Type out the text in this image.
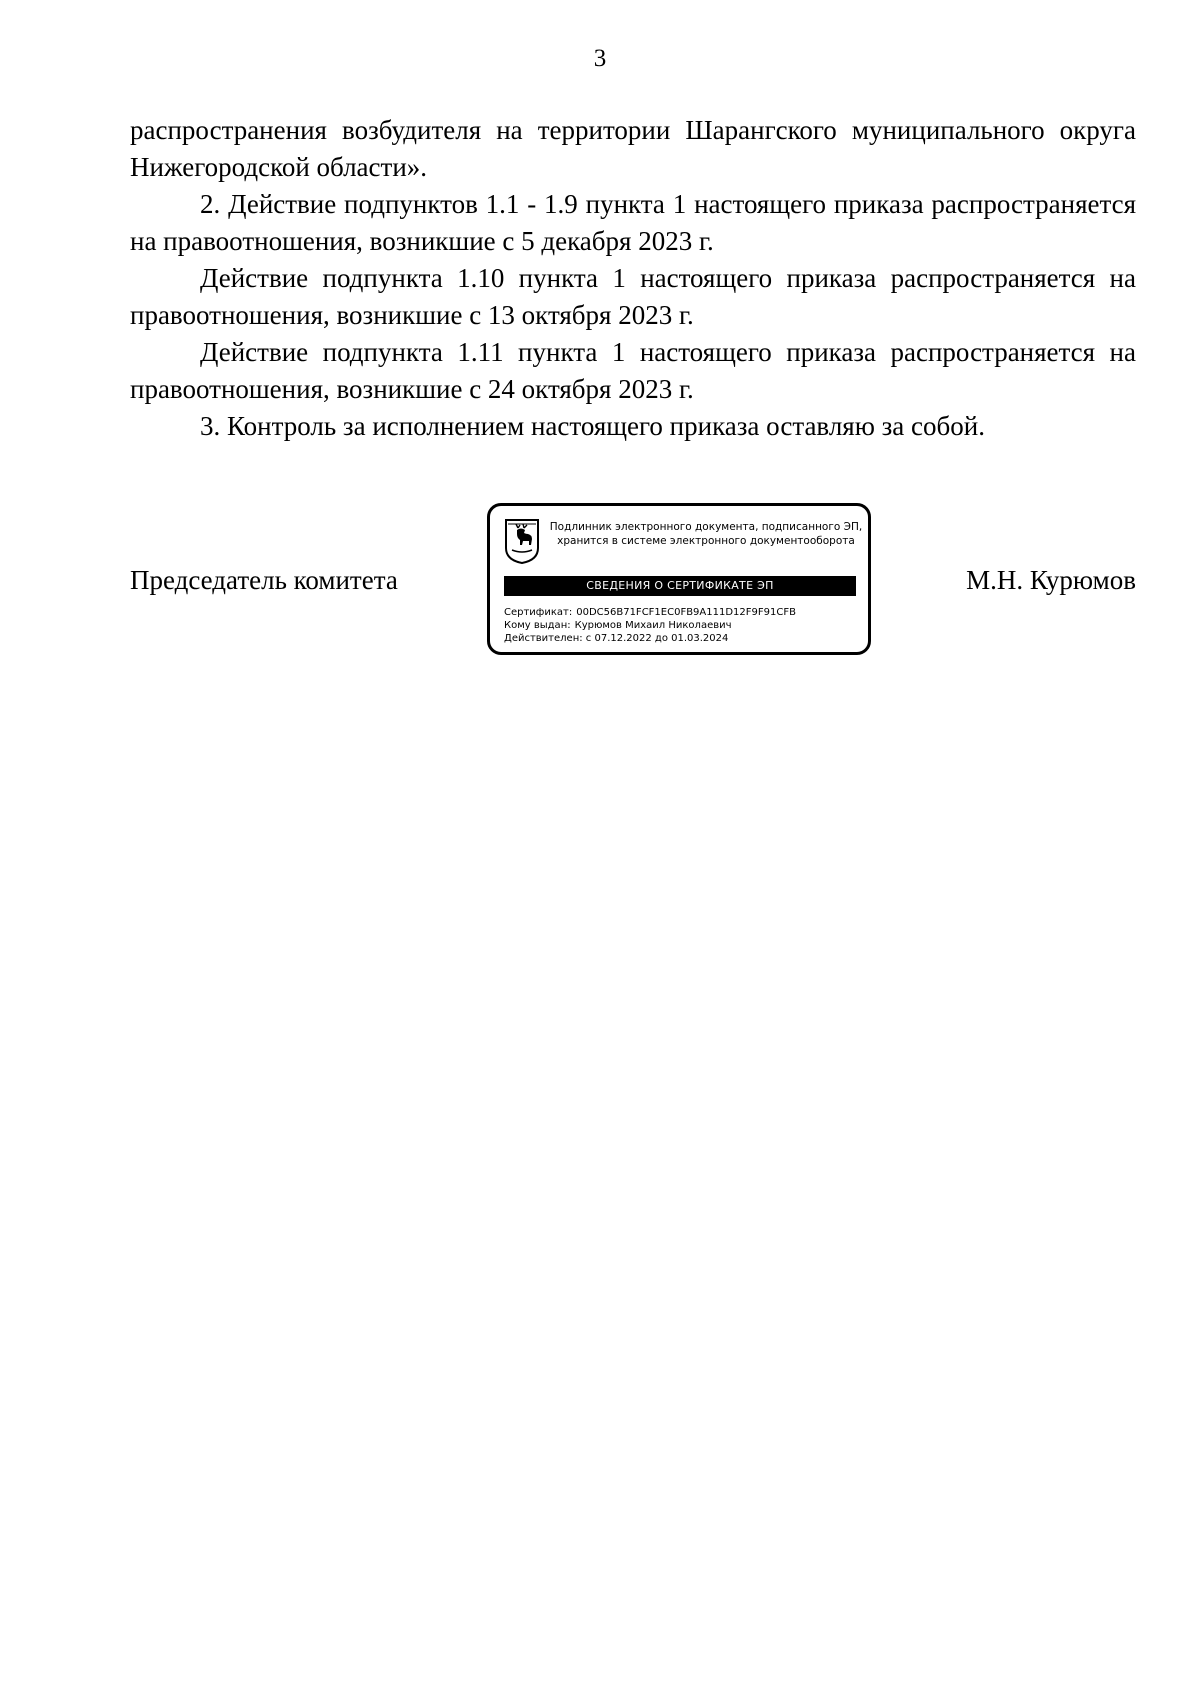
3

распространения возбудителя на территории Шарангского муниципального округа Нижегородской области».

2. Действие подпунктов 1.1 - 1.9 пункта 1 настоящего приказа распространяется на правоотношения, возникшие с 5 декабря 2023 г.

Действие подпункта 1.10 пункта 1 настоящего приказа распространяется на правоотношения, возникшие с 13 октября 2023 г.

Действие подпункта 1.11 пункта 1 настоящего приказа распространяется на правоотношения, возникшие с 24 октября 2023 г.

3. Контроль за исполнением настоящего приказа оставляю за собой.

Председатель комитета
Подлинник электронного документа, подписанного ЭП,
хранится в системе электронного документооборота
СВЕДЕНИЯ О СЕРТИФИКАТЕ ЭП
Сертификат: 00DC56B71FCF1EC0FB9A111D12F9F91CFB
Кому выдан: Курюмов Михаил Николаевич
Действителен: с 07.12.2022 до 01.03.2024
М.Н. Курюмов
